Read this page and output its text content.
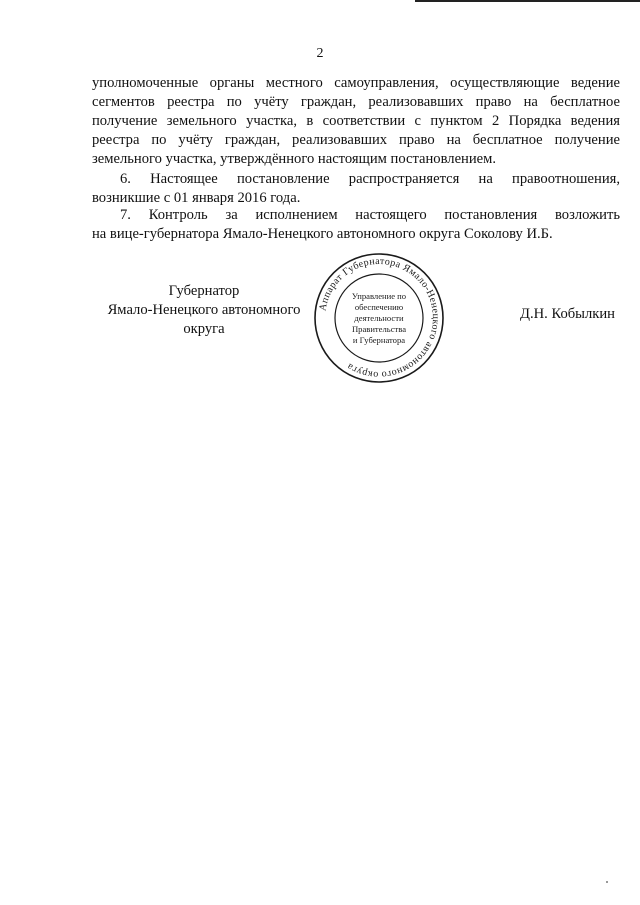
2
уполномоченные органы местного самоуправления, осуществляющие ведение
сегментов реестра по учёту граждан, реализовавших право на бесплатное
получение земельного участка, в соответствии с пунктом 2 Порядка ведения
реестра по учёту граждан, реализовавших право на бесплатное получение
земельного участка, утверждённого настоящим постановлением.
6. Настоящее постановление распространяется на правоотношения,
возникшие с 01 января 2016 года.
7. Контроль за исполнением настоящего постановления возложить
на вице-губернатора Ямало-Ненецкого автономного округа Соколову И.Б.
Губернатор
Ямало-Ненецкого автономного округа
Аппарат Губернатора Ямало-Ненецкого автономного округа
Управление по
обеспечению
деятельности
Правительства
и Губернатора
Д.Н. Кобылкин
